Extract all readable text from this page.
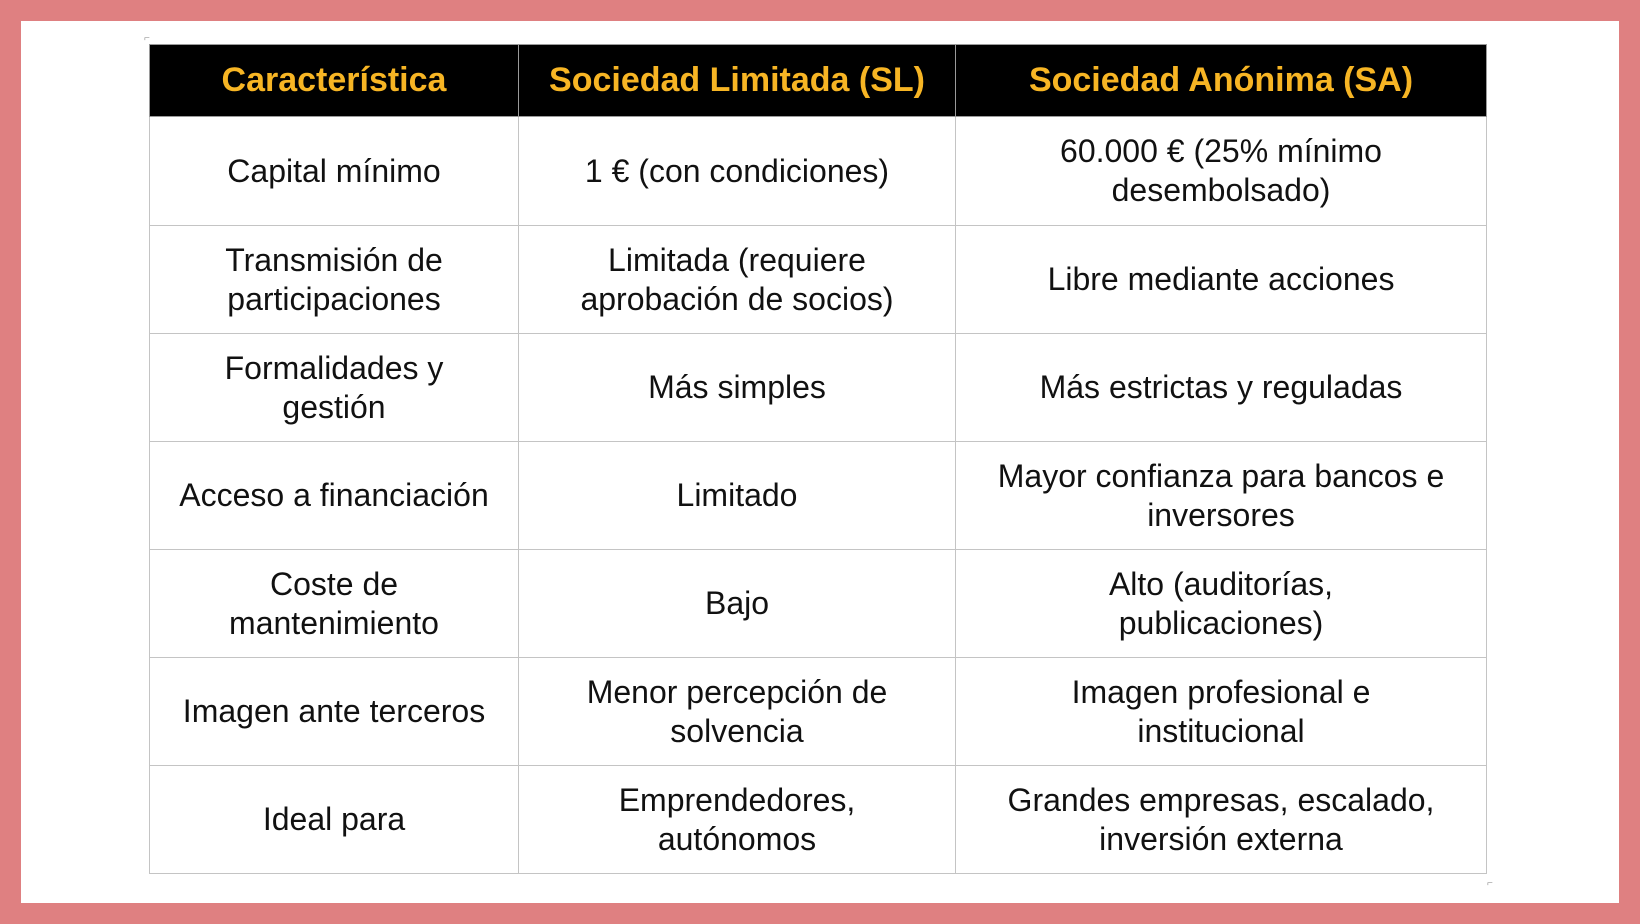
⌐
⌐
Característica	Sociedad Limitada (SL)	Sociedad Anónima (SA)
Capital mínimo	1 € (con condiciones)	60.000 € (25% mínimo desembolsado)
Transmisión de participaciones	Limitada (requiere aprobación de socios)	Libre mediante acciones
Formalidades y gestión	Más simples	Más estrictas y reguladas
Acceso a financiación	Limitado	Mayor confianza para bancos e inversores
Coste de mantenimiento	Bajo	Alto (auditorías, publicaciones)
Imagen ante terceros	Menor percepción de solvencia	Imagen profesional e institucional
Ideal para	Emprendedores, autónomos	Grandes empresas, escalado, inversión externa
